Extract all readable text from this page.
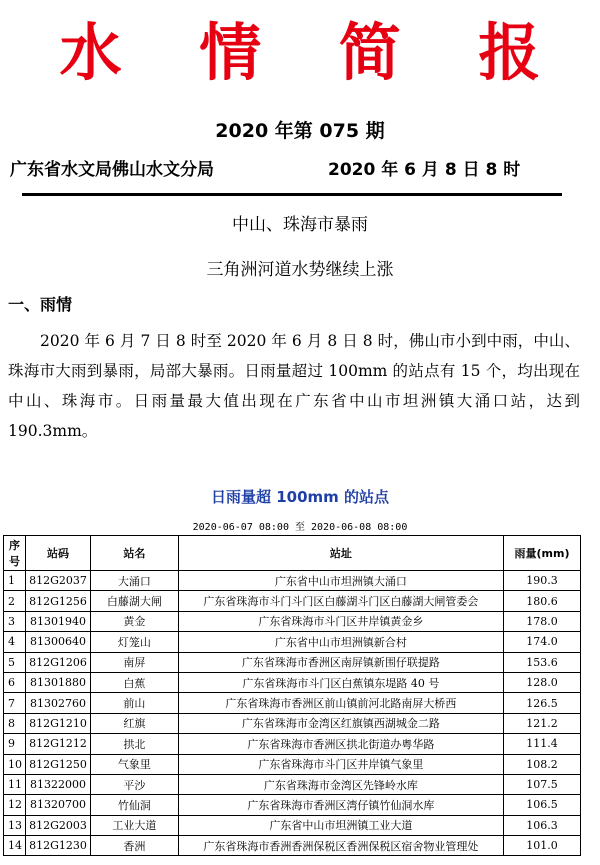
水 情 简 报
2020 年第 075 期
广东省水文局佛山水文分局	2020 年 6 月 8 日 8 时
中山、珠海市暴雨
三角洲河道水势继续上涨
一、雨情
2020 年 6 月 7 日 8 时至 2020 年 6 月 8 日 8 时，佛山市小到中雨，中山、珠海市大雨到暴雨，局部大暴雨。日雨量超过 100mm 的站点有 15 个，均出现在中山、珠海市。日雨量最大值出现在广东省中山市坦洲镇大涌口站，达到 190.3mm。
日雨量超 100mm 的站点
2020-06-07 08:00 至 2020-06-08 08:00
序号	站码	站名	站址	雨量(mm)
1	812G2037	大涌口	广东省中山市坦洲镇大涌口	190.3
2	812G1256	白藤湖大闸	广东省珠海市斗门斗门区白藤湖斗门区白藤湖大闸管委会	180.6
3	81301940	黄金	广东省珠海市斗门区井岸镇黄金乡	178.0
4	81300640	灯笼山	广东省中山市坦洲镇新合村	174.0
5	812G1206	南屏	广东省珠海市香洲区南屏镇新围仔联提路	153.6
6	81301880	白蕉	广东省珠海市斗门区白蕉镇东堤路 40 号	128.0
7	81302760	前山	广东省珠海市香洲区前山镇前河北路南屏大桥西	126.5
8	812G1210	红旗	广东省珠海市金湾区红旗镇西湖城金二路	121.2
9	812G1212	拱北	广东省珠海市香洲区拱北街道办粤华路	111.4
10	812G1250	气象里	广东省珠海市斗门区井岸镇气象里	108.2
11	81322000	平沙	广东省珠海市金湾区先锋岭水库	107.5
12	81320700	竹仙洞	广东省珠海市香洲区湾仔镇竹仙洞水库	106.5
13	812G2003	工业大道	广东省中山市坦洲镇工业大道	106.3
14	812G1230	香洲	广东省珠海市香洲香洲保税区香洲保税区宿舍物业管理处	101.0
